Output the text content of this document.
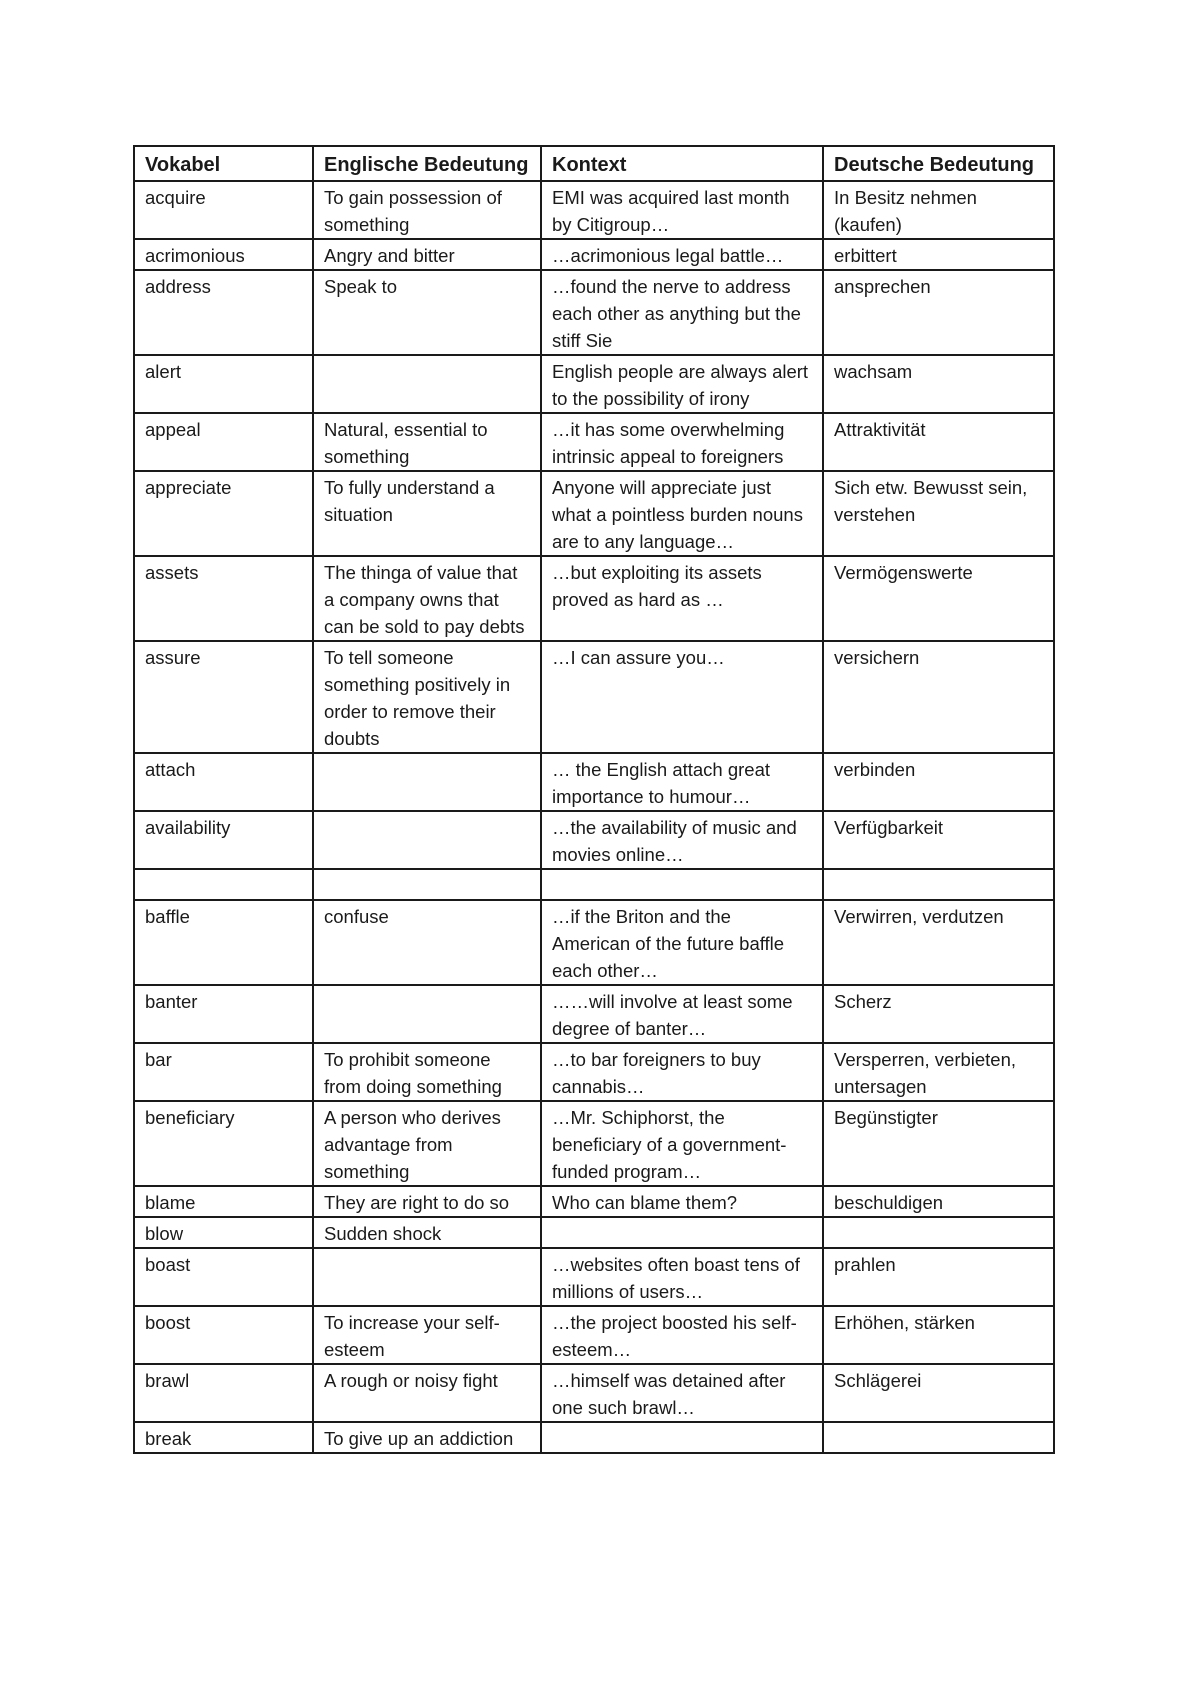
Vokabel	Englische Bedeutung	Kontext	Deutsche Bedeutung
acquire	To gain possession of something	EMI was acquired last month by Citigroup…	In Besitz nehmen (kaufen)
acrimonious	Angry and bitter	…acrimonious legal battle…	erbittert
address	Speak to	…found the nerve to address each other as anything but the stiff Sie	ansprechen
alert		English people are always alert to the possibility of irony	wachsam
appeal	Natural, essential to something	…it has some overwhelming intrinsic appeal to foreigners	Attraktivität
appreciate	To fully understand a situation	Anyone will appreciate just what a pointless burden nouns are to any language…	Sich etw. Bewusst sein, verstehen
assets	The thinga of value that a company owns that can be sold to pay debts	…but exploiting its assets proved as hard as …	Vermögenswerte
assure	To tell someone something positively in order to remove their doubts	…I can assure you…	versichern
attach		… the English attach great importance to humour…	verbinden
availability		…the availability of music and movies online…	Verfügbarkeit

baffle	confuse	…if the Briton and the American of the future baffle each other…	Verwirren, verdutzen
banter		……will involve at least some degree of banter…	Scherz
bar	To prohibit someone from doing something	…to bar foreigners to buy cannabis…	Versperren, verbieten, untersagen
beneficiary	A person who derives advantage from something	…Mr. Schiphorst, the beneficiary of a government-funded program…	Begünstigter
blame	They are right to do so	Who can blame them?	beschuldigen
blow	Sudden shock		
boast		…websites often boast tens of millions of users…	prahlen
boost	To increase your self-esteem	…the project boosted his self-esteem…	Erhöhen, stärken
brawl	A rough or noisy fight	…himself was detained after one such brawl…	Schlägerei
break	To give up an addiction		
